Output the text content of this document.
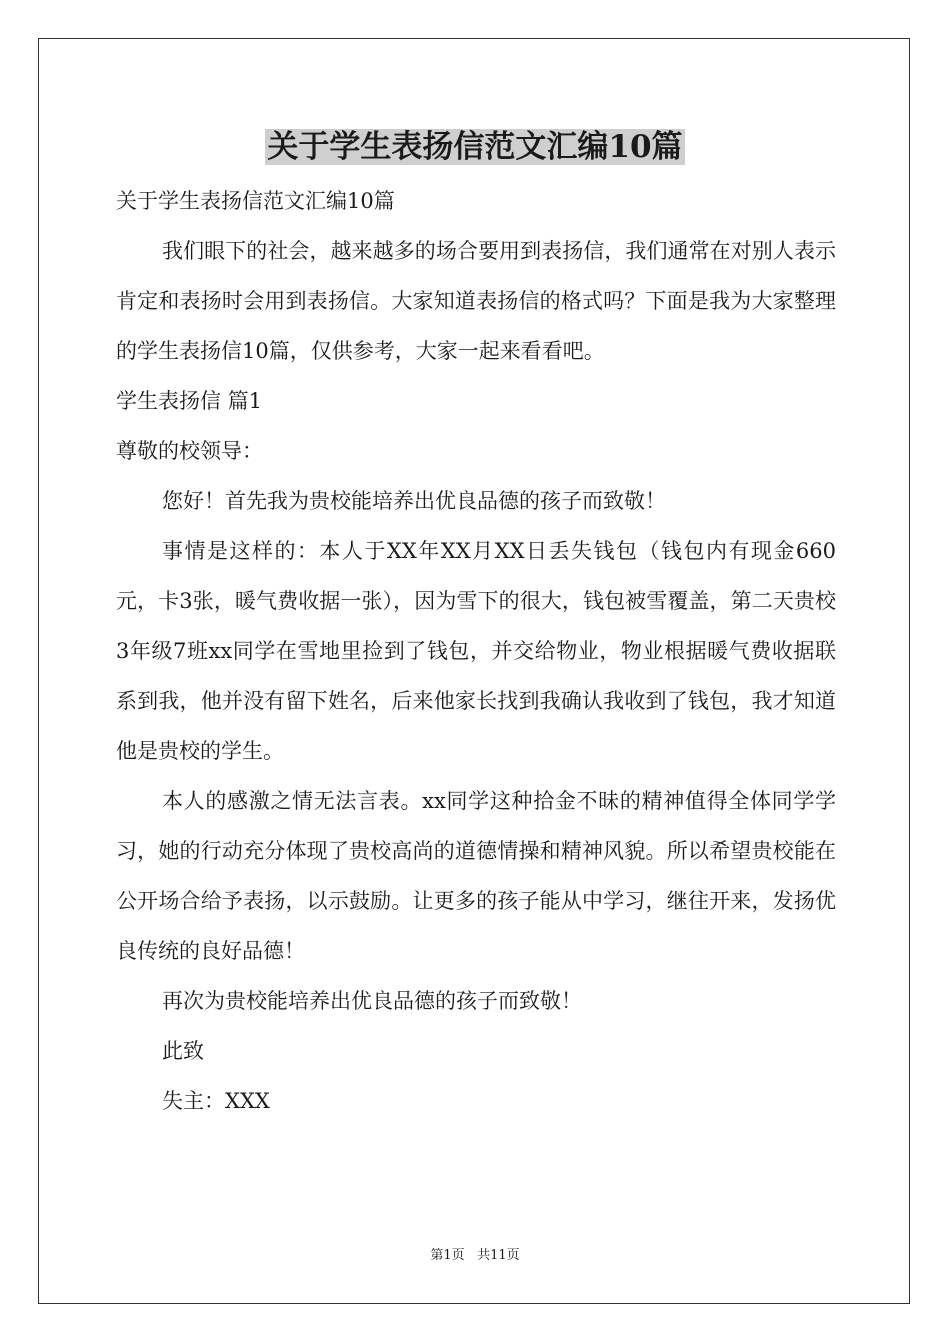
关于学生表扬信范文汇编10篇

关于学生表扬信范文汇编10篇

我们眼下的社会，越来越多的场合要用到表扬信，我们通常在对别人表示肯定和表扬时会用到表扬信。大家知道表扬信的格式吗？下面是我为大家整理的学生表扬信10篇，仅供参考，大家一起来看看吧。

学生表扬信 篇1

尊敬的校领导：

您好！首先我为贵校能培养出优良品德的孩子而致敬！

事情是这样的：本人于XX年XX月XX日丢失钱包（钱包内有现金660元，卡3张，暖气费收据一张），因为雪下的很大，钱包被雪覆盖，第二天贵校3年级7班xx同学在雪地里捡到了钱包，并交给物业，物业根据暖气费收据联系到我，他并没有留下姓名，后来他家长找到我确认我收到了钱包，我才知道他是贵校的学生。

本人的感激之情无法言表。xx同学这种拾金不昧的精神值得全体同学学习，她的行动充分体现了贵校高尚的道德情操和精神风貌。所以希望贵校能在公开场合给予表扬，以示鼓励。让更多的孩子能从中学习，继往开来，发扬优良传统的良好品德！

再次为贵校能培养出优良品德的孩子而致敬！

此致

失主：XXX

第1页 共11页
